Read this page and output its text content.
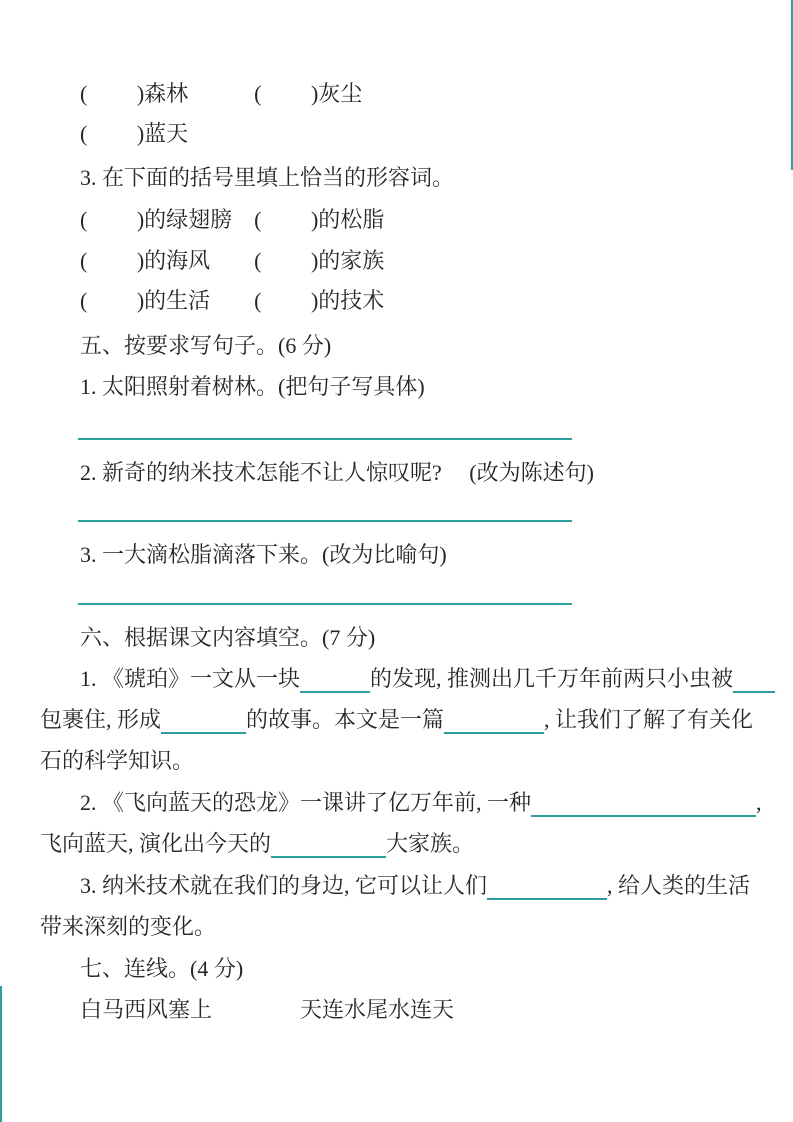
(　　 )森林　　　(　　 )灰尘
(　　 )蓝天
3. 在下面的括号里填上恰当的形容词。
(　　 )的绿翅膀　(　　 )的松脂
(　　 )的海风　　(　　 )的家族
(　　 )的生活　　(　　 )的技术
五、按要求写句子。(6 分)
1. 太阳照射着树林。(把句子写具体)
2. 新奇的纳米技术怎能不让人惊叹呢?　 (改为陈述句)
3. 一大滴松脂滴落下来。(改为比喻句)
六、根据课文内容填空。(7 分)
1. 《琥珀》一文从一块	的发现, 推测出几千万年前两只小虫被
包裹住, 形成	的故事。本文是一篇	, 让我们了解了有关化
石的科学知识。
2. 《飞向蓝天的恐龙》一课讲了亿万年前, 一种	,
飞向蓝天, 演化出今天的	大家族。
3. 纳米技术就在我们的身边, 它可以让人们	, 给人类的生活
带来深刻的变化。
七、连线。(4 分)
白马西风塞上　　　　天连水尾水连天
